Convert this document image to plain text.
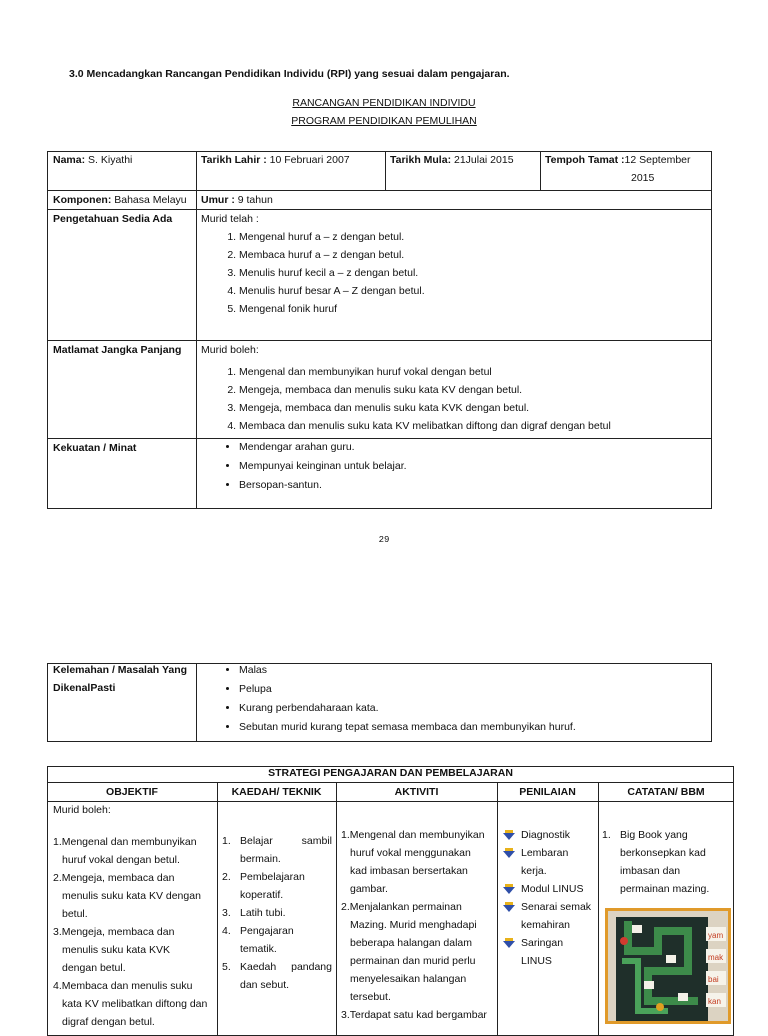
3.0 Mencadangkan Rancangan Pendidikan Individu (RPI) yang sesuai dalam pengajaran.
RANCANGAN PENDIDIKAN INDIVIDU
PROGRAM PENDIDIKAN PEMULIHAN
Nama: S. Kiyathi	Tarikh Lahir : 10 Februari 2007	Tarikh Mula: 21Julai 2015	Tempoh Tamat :12 September
2015
Komponen: Bahasa Melayu Umur : 9 tahun
Pengetahuan Sedia Ada	Murid telah :
1. Mengenal huruf a – z dengan betul.
2. Membaca huruf a – z dengan betul.
3. Menulis huruf kecil a – z dengan betul.
4. Menulis huruf besar A – Z dengan betul.
5. Mengenal fonik huruf
Matlamat Jangka Panjang Murid boleh:
1. Mengenal dan membunyikan huruf vokal dengan betul
2. Mengeja, membaca dan menulis suku kata KV dengan betul.
3. Mengeja, membaca dan menulis suku kata KVK dengan betul.
4. Membaca dan menulis suku kata KV melibatkan diftong dan digraf dengan betul
Kekuatan / Minat
•	Mendengar arahan guru.
• Mempunyai keinginan untuk belajar.
• Bersopan-santun.
29
Kelemahan / Masalah Yang
DikenalPasti
• Malas
• Pelupa
• Kurang perbendaharaan kata.
• Sebutan murid kurang tepat semasa membaca dan membunyikan huruf.
STRATEGI PENGAJARAN DAN PEMBELAJARAN
OBJEKTIF	KAEDAH/ TEKNIK	AKTIVITI	PENILAIAN	CATATAN/ BBM
Murid boleh:
1.Mengenal dan membunyikan
huruf vokal dengan betul.
2.Mengeja, membaca dan
menulis suku kata KV dengan
betul.
3.Mengeja, membaca dan
menulis suku kata KVK
dengan betul.
4.Membaca dan menulis suku
kata KV melibatkan diftong dan
digraf dengan betul.
1. Belajar	sambil
bermain.
2. Pembelajaran
koperatif.
3. Latih tubi.
4. Pengajaran
tematik.
5. Kaedah pandang
dan sebut.
1.Mengenal dan membunyikan
huruf vokal menggunakan
kad imbasan bersertakan
gambar.
2.Menjalankan permainan
Mazing. Murid menghadapi
beberapa halangan dalam
permainan dan murid perlu
menyelesaikan halangan
tersebut.
3.Terdapat satu kad bergambar
Diagnostik
Lembaran
kerja.
Modul LINUS
Senarai semak
kemahiran
Saringan
LINUS
1. Big Book yang
berkonsepkan kad
imbasan dan
permainan mazing.
yam
mak
bai
kan
